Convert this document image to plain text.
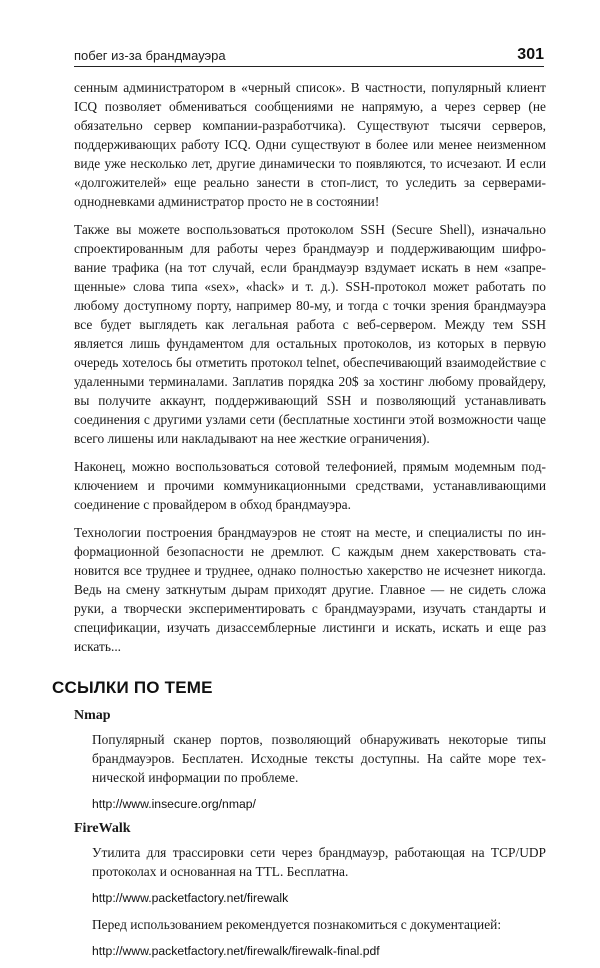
побег из-за брандмауэра	301

сенным администратором в «черный список». В частности, популярный клиент ICQ позволяет обмениваться сообщениями не напрямую, а через сервер (не обязательно сервер компании-разработчика). Существуют тысячи серверов, поддерживающих работу ICQ. Одни существуют в более или менее неизменном виде уже несколько лет, другие динамически то появляются, то исчезают. И если «долгожителей» еще реально занести в стоп-лист, то уследить за серверами-однодневками администратор просто не в состоянии!

Также вы можете воспользоваться протоколом SSH (Secure Shell), изначально спроектированным для работы через брандмауэр и поддерживающим шифрование трафика (на тот случай, если брандмауэр вздумает искать в нем «запрещенные» слова типа «sex», «hack» и т. д.). SSH-протокол может работать по любому доступному порту, например 80-му, и тогда с точки зрения брандмауэра все будет выглядеть как легальная работа с веб-сервером. Между тем SSH является лишь фундаментом для остальных протоколов, из которых в первую очередь хотелось бы отметить протокол telnet, обеспечивающий взаимодействие с удаленными терминалами. Заплатив порядка 20$ за хостинг любому провайдеру, вы получите аккаунт, поддерживающий SSH и позволяющий устанавливать соединения с другими узлами сети (бесплатные хостинги этой возможности чаще всего лишены или накладывают на нее жесткие ограничения).

Наконец, можно воспользоваться сотовой телефонией, прямым модемным подключением и прочими коммуникационными средствами, устанавливающими соединение с провайдером в обход брандмауэра.

Технологии построения брандмауэров не стоят на месте, и специалисты по информационной безопасности не дремлют. С каждым днем хакерствовать становится все труднее и труднее, однако полностью хакерство не исчезнет никогда. Ведь на смену заткнутым дырам приходят другие. Главное — не сидеть сложа руки, а творчески экспериментировать с брандмауэрами, изучать стандарты и спецификации, изучать дизассемблерные листинги и искать, искать и еще раз искать...

ССЫЛКИ ПО ТЕМЕ
Nmap

Популярный сканер портов, позволяющий обнаруживать некоторые типы брандмауэров. Бесплатен. Исходные тексты доступны. На сайте море технической информации по проблеме.

http://www.insecure.org/nmap/
FireWalk

Утилита для трассировки сети через брандмауэр, работающая на TCP/UDP протоколах и основанная на TTL. Бесплатна.

http://www.packetfactory.net/firewalk

Перед использованием рекомендуется познакомиться с документацией:

http://www.packetfactory.net/firewalk/firewalk-final.pdf
